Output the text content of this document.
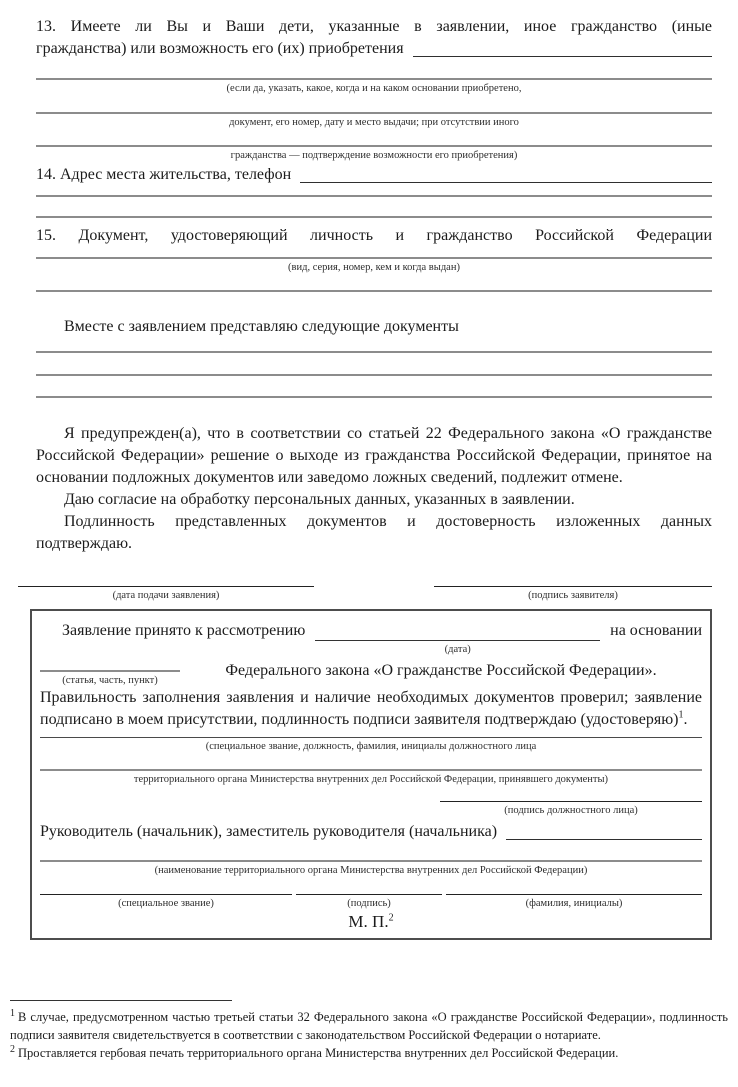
13. Имеете ли Вы и Ваши дети, указанные в заявлении, иное гражданство (иные
гражданства) или возможность его (их) приобретения
(если да, указать, какое, когда и на каком основании приобретено,
документ, его номер, дату и место выдачи; при отсутствии иного
гражданства — подтверждение возможности его приобретения)
14. Адрес места жительства, телефон
15. Документ, удостоверяющий личность и гражданство Российской Федерации
(вид, серия, номер, кем и когда выдан)
Вместе с заявлением представляю следующие документы

Я предупрежден(а), что в соответствии со статьей 22 Федерального закона «О гражданстве Российской Федерации» решение о выходе из гражданства Российской Федерации, принятое на основании подложных документов или заведомо ложных сведений, подлежит отмене.

Даю согласие на обработку персональных данных, указанных в заявлении.

Подлинность представленных документов и достоверность изложенных данных подтверждаю.

(дата подачи заявления)	(подпись заявителя)
Заявление принято к рассмотрению
(дата)
на основании
(статья, часть, пункт)
Федерального закона «О гражданстве Российской Федерации».

Правильность заполнения заявления и наличие необходимых документов проверил; заявление подписано в моем присутствии, подлинность подписи заявителя подтверждаю (удостоверяю)$^1$.

(специальное звание, должность, фамилия, инициалы должностного лица
территориального органа Министерства внутренних дел Российской Федерации, принявшего документы)
(подпись должностного лица)
Руководитель (начальник), заместитель руководителя (начальника)
(наименование территориального органа Министерства внутренних дел Российской Федерации)
(специальное звание)	(подпись)	(фамилия, инициалы)
М. П.$^2$

$^1$ В случае, предусмотренном частью третьей статьи 32 Федерального закона «О гражданстве Российской Федерации», подлинность подписи заявителя свидетельствуется в соответствии с законодательством Российской Федерации о нотариате.

$^2$ Проставляется гербовая печать территориального органа Министерства внутренних дел Российской Федерации.
